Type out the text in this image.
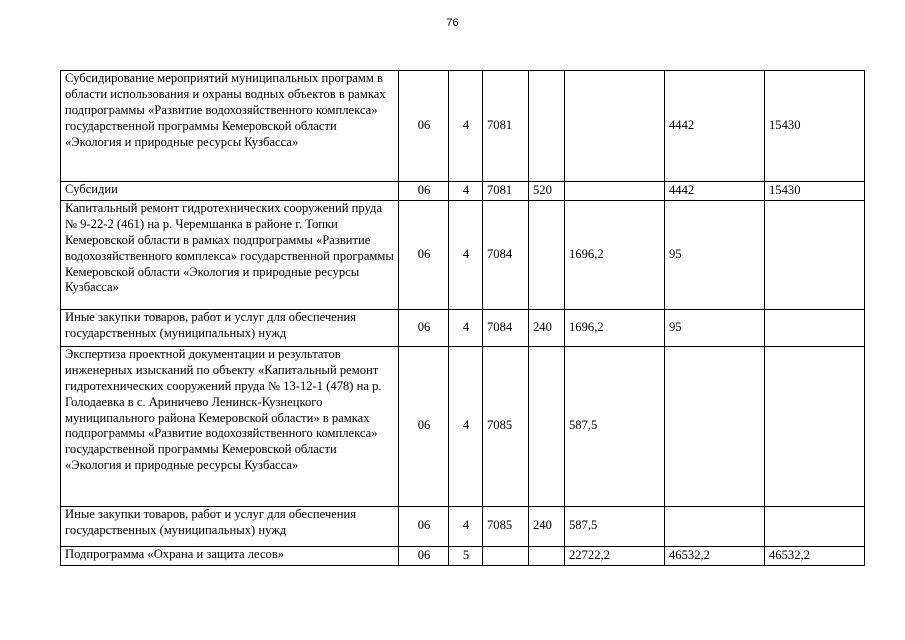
76
Субсидирование мероприятий муниципальных программ в области использования и охраны водных объектов в рамках подпрограммы «Развитие водохозяйственного комплекса» государственной программы Кемеровской области «Экология и природные ресурсы Кузбасса»	06	4	7081			4442	15430
Субсидии	06	4	7081	520		4442	15430
Капитальный ремонт гидротехнических сооружений пруда № 9-22-2 (461) на р. Черемшанка в районе г. Топки Кемеровской области в рамках подпрограммы «Развитие водохозяйственного комплекса» государственной программы Кемеровской области «Экология и природные ресурсы Кузбасса»	06	4	7084		1696,2	95	
Иные закупки товаров, работ и услуг для обеспечения государственных (муниципальных) нужд	06	4	7084	240	1696,2	95	
Экспертиза проектной документации и результатов инженерных изысканий по объекту «Капитальный ремонт гидротехнических сооружений пруда № 13-12-1 (478) на р. Голодаевка в с. Ариничево Ленинск-Кузнецкого муниципального района Кемеровской области» в рамках подпрограммы «Развитие водохозяйственного комплекса» государственной программы Кемеровской области «Экология и природные ресурсы Кузбасса»	06	4	7085		587,5		
Иные закупки товаров, работ и услуг для обеспечения государственных (муниципальных) нужд	06	4	7085	240	587,5		
Подпрограмма «Охрана и защита лесов»	06	5			22722,2	46532,2	46532,2
